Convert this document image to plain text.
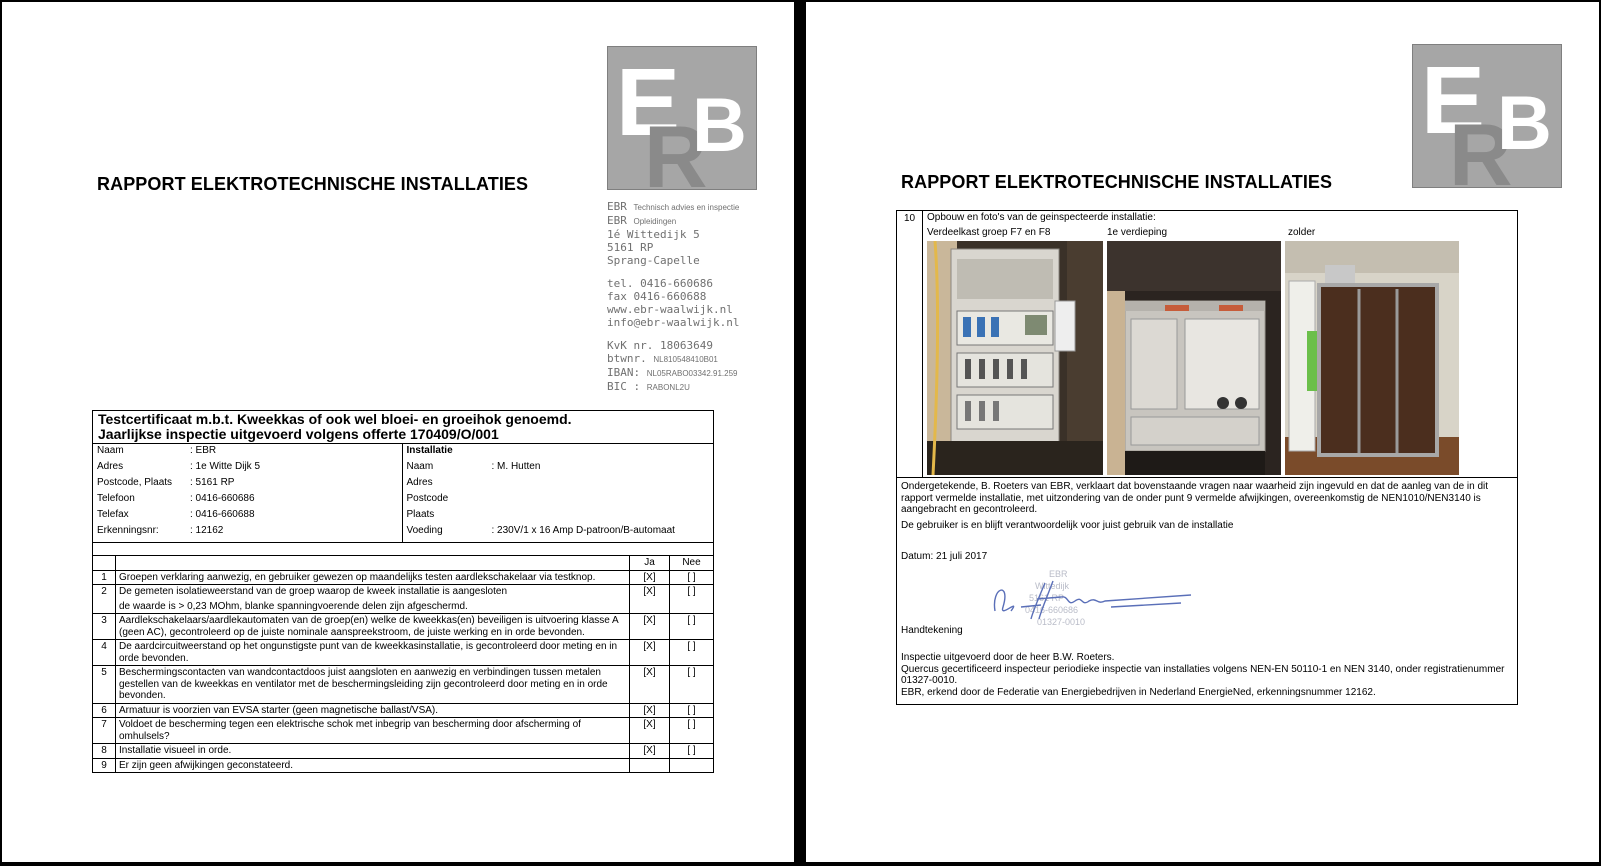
E
R
B
RAPPORT ELEKTROTECHNISCHE INSTALLATIES
EBR Technisch advies en inspectie
EBR Opleidingen
1é Wittedijk 5
5161 RP
Sprang-Capelle
tel. 0416-660686
fax 0416-660688
www.ebr-waalwijk.nl
info@ebr-waalwijk.nl
KvK nr. 18063649
btwnr. NL810548410B01
IBAN: NL05RABO03342.91.259
BIC : RABONL2U
Testcertificaat m.b.t. Kweekkas of ook wel bloei- en groeihok genoemd.
Jaarlijkse inspectie uitgevoerd volgens offerte 170409/O/001

Naam	: EBR
Adres	: 1e Witte Dijk 5
Postcode, Plaats	: 5161 RP
Telefoon	: 0416-660686
Telefax	: 0416-660688
Erkenningsnr:	: 12162

Installatie
Naam	: M. Hutten
Adres	
Postcode	
Plaats	
Voeding	: 230V/1 x 16 Amp D-patroon/B-automaat

		Ja	Nee
1	Groepen verklaring aanwezig, en gebruiker gewezen op maandelijks testen aardlekschakelaar via testknop.	[X]	[ ]
2	De gemeten isolatieweerstand van de groep waarop de kweek installatie is aangesloten
de waarde is > 0,23 MOhm, blanke spanningvoerende delen zijn afgeschermd.
	[X]	[ ]
3	Aardlekschakelaars/aardlekautomaten van de groep(en) welke de kweekkas(en) beveiligen is uitvoering klasse A (geen AC), gecontroleerd op de juiste nominale aanspreekstroom, de juiste werking en in orde bevonden.	[X]	[ ]
4	De aardcircuitweerstand op het ongunstigste punt van de kweekkasinstallatie, is gecontroleerd door meting en in orde bevonden.	[X]	[ ]
5	Beschermingscontacten van wandcontactdoos juist aangsloten en aanwezig en verbindingen tussen metalen gestellen van de kweekkas en ventilator met de beschermingsleiding zijn gecontroleerd door meting en in orde bevonden.	[X]	[ ]
6	Armatuur is voorzien van EVSA starter (geen magnetische ballast/VSA).	[X]	[ ]
7	Voldoet de bescherming tegen een elektrische schok met inbegrip van bescherming door afscherming of omhulsels?	[X]	[ ]
8	Installatie visueel in orde.	[X]	[ ]
9	Er zijn geen afwijkingen geconstateerd.		
E
R
B
RAPPORT ELEKTROTECHNISCHE INSTALLATIES
10	Opbouw en foto's van de geinspecteerde installatie:
Verdeelkast groep F7 en F8	1e verdieping	zolder

Ondergetekende, B. Roeters van EBR, verklaart dat bovenstaande vragen naar waarheid zijn ingevuld en dat de aanleg van de in dit rapport vermelde installatie, met uitzondering van de onder punt 9 vermelde afwijkingen, overeenkomstig de NEN1010/NEN3140 is aangebracht en gecontroleerd.
De gebruiker is en blijft verantwoordelijk voor juist gebruik van de installatie
Datum: 21 juli 2017
EBR
Wittedijk
5161 RP
0416-660686
01327-0010
Handtekening
Inspectie uitgevoerd door de heer B.W. Roeters.
Quercus gecertificeerd inspecteur periodieke inspectie van installaties volgens NEN-EN 50110-1 en NEN 3140, onder registratienummer 01327-0010.
EBR, erkend door de Federatie van Energiebedrijven in Nederland EnergieNed, erkenningsnummer 12162.
